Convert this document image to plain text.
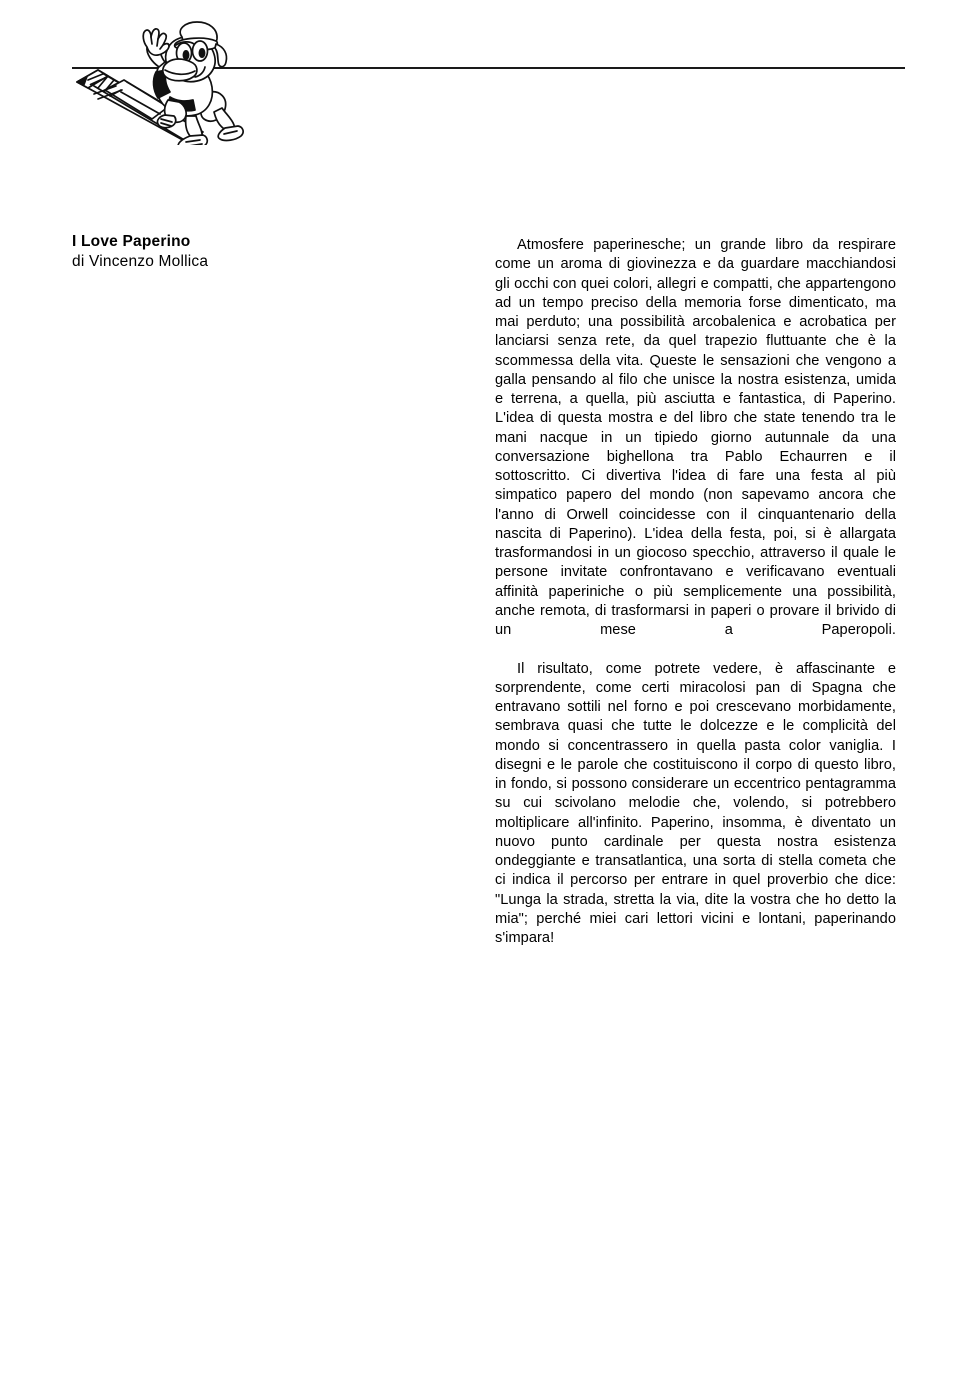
I Love Paperino

di Vincenzo Mollica

Atmosfere paperinesche; un grande libro da respirare come un aroma di giovinezza e da guardare macchiandosi gli occhi con quei colori, allegri e compatti, che appartengono ad un tempo preciso della memoria forse dimenticato, ma mai perduto; una possibilità arcobalenica e acrobatica per lanciarsi senza rete, da quel trapezio fluttuante che è la scommessa della vita. Queste le sensazioni che vengono a galla pensando al filo che unisce la nostra esistenza, umida e terrena, a quella, più asciutta e fantastica, di Paperino. L'idea di questa mostra e del libro che state tenendo tra le mani nacque in un tipiedo giorno autunnale da una conversazione bighellona tra Pablo Echaurren e il sottoscritto. Ci divertiva l'idea di fare una festa al più simpatico papero del mondo (non sapevamo ancora che l'anno di Orwell coincidesse con il cinquantenario della nascita di Paperino). L'idea della festa, poi, si è allargata trasformandosi in un giocoso specchio, attraverso il quale le persone invitate confrontavano e verificavano eventuali affinità paperiniche o più semplicemente una possibilità, anche remota, di trasformarsi in paperi o provare il brivido di un mese a Paperopoli.

Il risultato, come potrete vedere, è affascinante e sorprendente, come certi miracolosi pan di Spagna che entravano sottili nel forno e poi crescevano morbidamente, sembrava quasi che tutte le dolcezze e le complicità del mondo si concentrassero in quella pasta color vaniglia. I disegni e le parole che costituiscono il corpo di questo libro, in fondo, si possono considerare un eccentrico pentagramma su cui scivolano melodie che, volendo, si potrebbero moltiplicare all'infinito. Paperino, insomma, è diventato un nuovo punto cardinale per questa nostra esistenza ondeggiante e transatlantica, una sorta di stella cometa che ci indica il percorso per entrare in quel proverbio che dice: "Lunga la strada, stretta la via, dite la vostra che ho detto la mia"; perché miei cari lettori vicini e lontani, paperinando s'impara!
